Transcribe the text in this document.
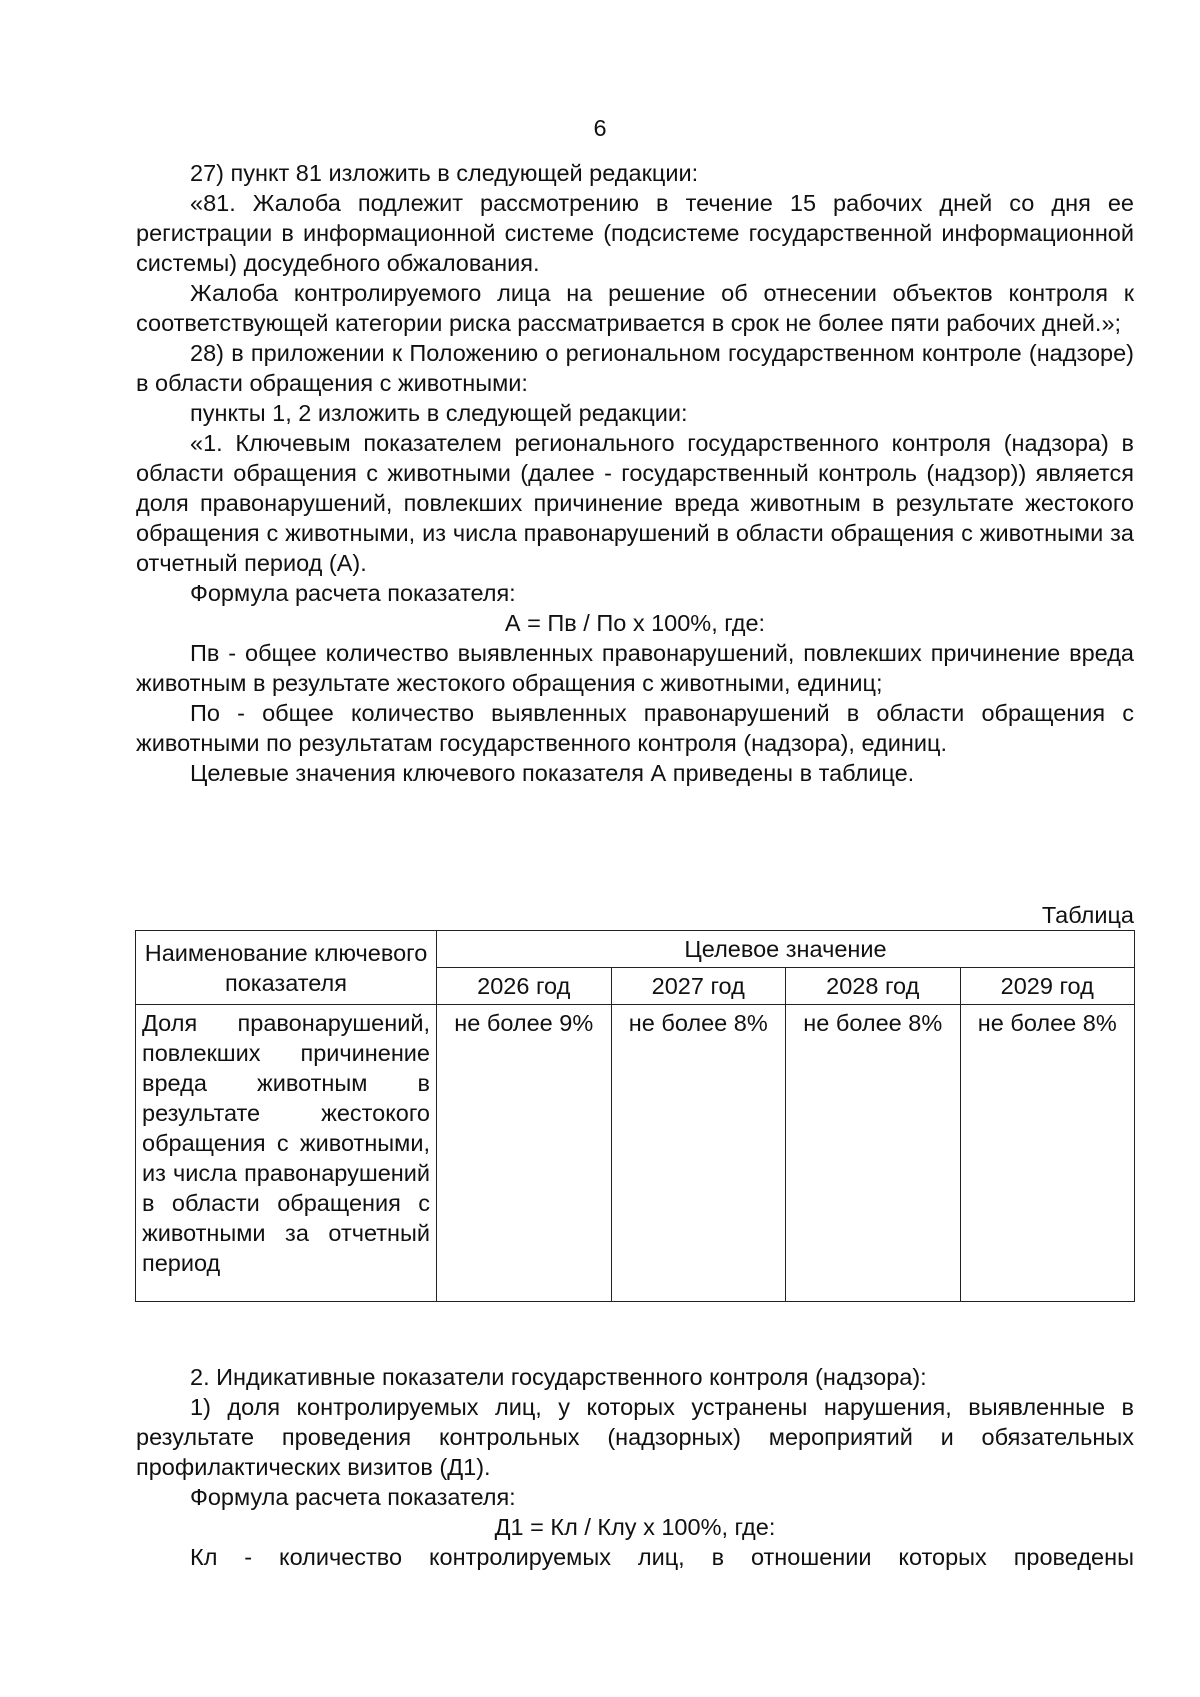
6

27) пункт 81 изложить в следующей редакции:

«81. Жалоба подлежит рассмотрению в течение 15 рабочих дней со дня ее регистрации в информационной системе (подсистеме государственной информационной системы) досудебного обжалования.

Жалоба контролируемого лица на решение об отнесении объектов контроля к соответствующей категории риска рассматривается в срок не более пяти рабочих дней.»;

28) в приложении к Положению о региональном государственном контроле (надзоре) в области обращения с животными:

пункты 1, 2 изложить в следующей редакции:

«1. Ключевым показателем регионального государственного контроля (надзора) в области обращения с животными (далее - государственный контроль (надзор)) является доля правонарушений, повлекших причинение вреда животным в результате жестокого обращения с животными, из числа правонарушений в области обращения с животными за отчетный период (А).

Формула расчета показателя:

А = Пв / По х 100%, где:

Пв - общее количество выявленных правонарушений, повлекших причинение вреда животным в результате жестокого обращения с животными, единиц;

По - общее количество выявленных правонарушений в области обращения с животными по результатам государственного контроля (надзора), единиц.

Целевые значения ключевого показателя А приведены в таблице.

Таблица

Наименование ключевого показателя	Целевое значение			
	2026 год	2027 год	2028 год	2029 год
Доля правонарушений, повлекших причинение вреда животным в результате жестокого обращения с животными, из числа правонарушений в области обращения с животными за отчетный
период	не более 9%	не более 8%	не более 8%	не более 8%

2. Индикативные показатели государственного контроля (надзора):

1) доля контролируемых лиц, у которых устранены нарушения, выявленные в результате проведения контрольных (надзорных) мероприятий и обязательных профилактических визитов (Д1).

Формула расчета показателя:

Д1 = Кл / Клу х 100%, где:

Кл - количество контролируемых лиц, в отношении которых проведены
